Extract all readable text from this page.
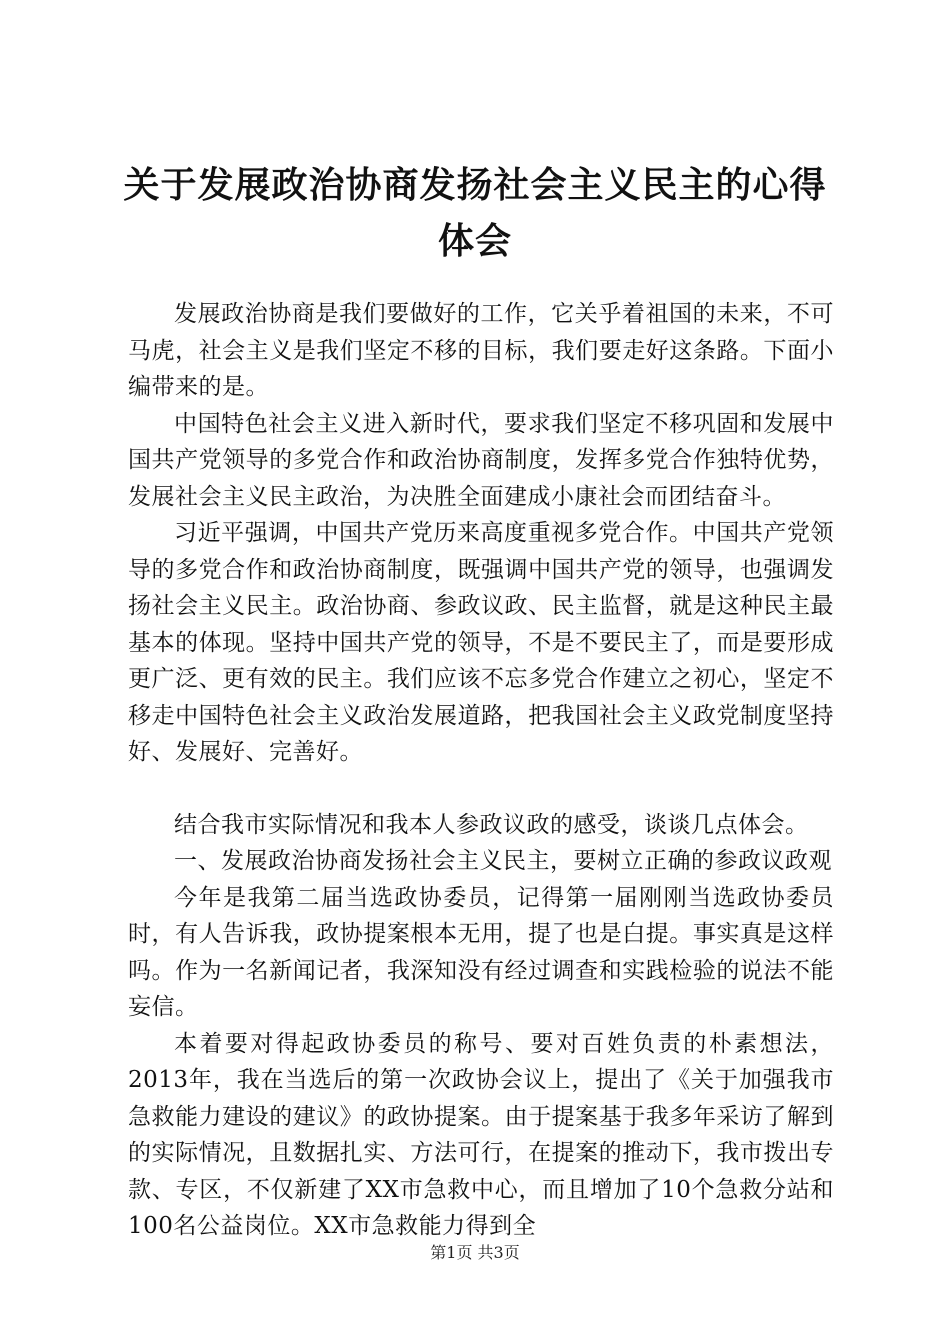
关于发展政治协商发扬社会主义民主的心得体会

发展政治协商是我们要做好的工作，它关乎着祖国的未来，不可马虎，社会主义是我们坚定不移的目标，我们要走好这条路。下面小编带来的是。

中国特色社会主义进入新时代，要求我们坚定不移巩固和发展中国共产党领导的多党合作和政治协商制度，发挥多党合作独特优势，发展社会主义民主政治，为决胜全面建成小康社会而团结奋斗。

习近平强调，中国共产党历来高度重视多党合作。中国共产党领导的多党合作和政治协商制度，既强调中国共产党的领导，也强调发扬社会主义民主。政治协商、参政议政、民主监督，就是这种民主最基本的体现。坚持中国共产党的领导，不是不要民主了，而是要形成更广泛、更有效的民主。我们应该不忘多党合作建立之初心，坚定不移走中国特色社会主义政治发展道路，把我国社会主义政党制度坚持好、发展好、完善好。

结合我市实际情况和我本人参政议政的感受，谈谈几点体会。

一、发展政治协商发扬社会主义民主，要树立正确的参政议政观

今年是我第二届当选政协委员，记得第一届刚刚当选政协委员时，有人告诉我，政协提案根本无用，提了也是白提。事实真是这样吗。作为一名新闻记者，我深知没有经过调查和实践检验的说法不能妄信。

本着要对得起政协委员的称号、要对百姓负责的朴素想法，2013年，我在当选后的第一次政协会议上，提出了《关于加强我市急救能力建设的建议》的政协提案。由于提案基于我多年采访了解到的实际情况，且数据扎实、方法可行，在提案的推动下，我市拨出专款、专区，不仅新建了XX市急救中心，而且增加了10个急救分站和100名公益岗位。XX市急救能力得到全

第1页 共3页
